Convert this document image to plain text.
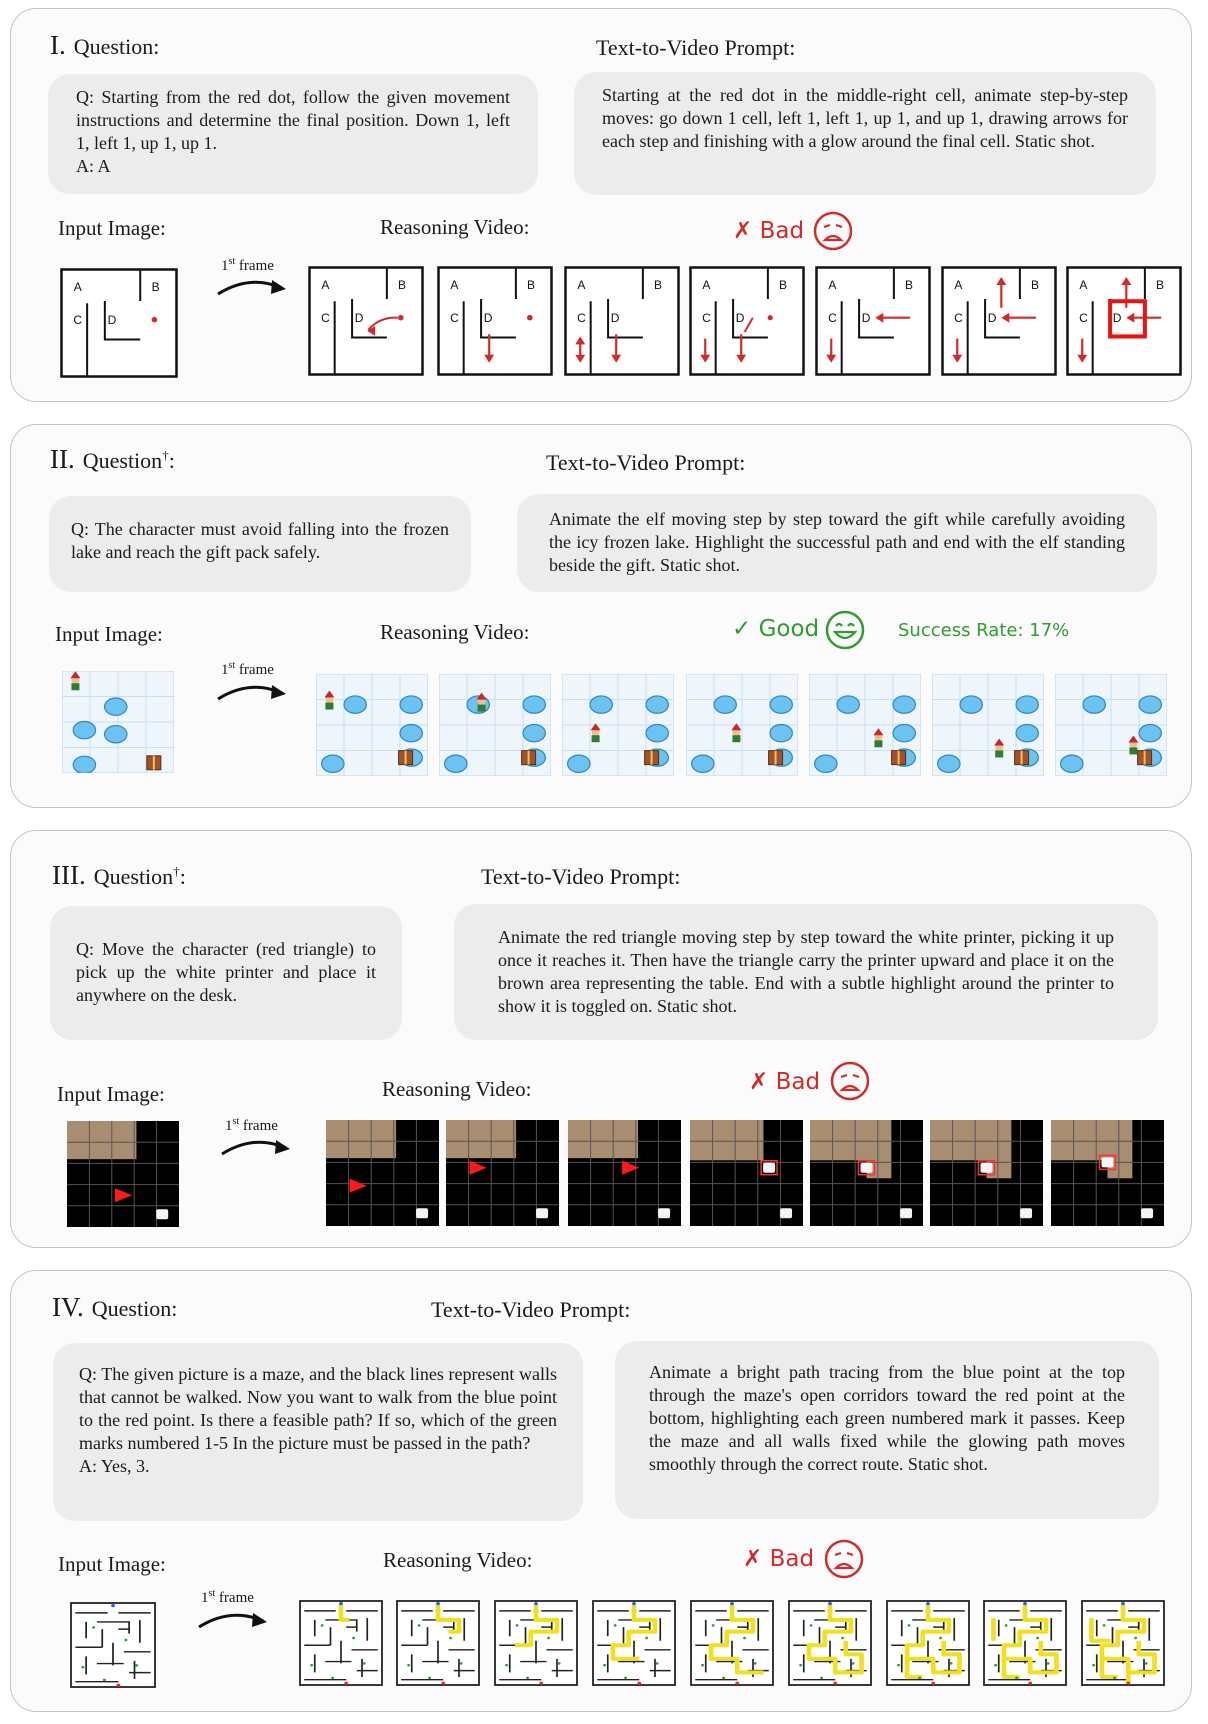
I. Question:	Text-to-Video Prompt:
Q: Starting from the red dot, follow the given movement instructions and determine the final position. Down 1, left 1, left 1, up 1, up 1.
A: A
Starting at the red dot in the middle-right cell, animate step-by-step moves: go down 1 cell, left 1, left 1, up 1, and up 1, drawing arrows for each step and finishing with a glow around the final cell. Static shot.
Input Image:	Reasoning Video:
1st frame
✗ Bad
A	B
C D
A	B
C D
A	B
C D
A	B
C D
A	B
C D
A	B
C D
A	B
C D
A	B
C D
II. Question†:	Text-to-Video Prompt:
Q: The character must avoid falling into the frozen lake and reach the gift pack safely.
Animate the elf moving step by step toward the gift while carefully avoiding the icy frozen lake. Highlight the successful path and end with the elf standing beside the gift. Static shot.
Input Image:	Reasoning Video:
1st frame
✓ Good	Success Rate: 17%
III. Question†:	Text-to-Video Prompt:
Q: Move the character (red triangle) to pick up the white printer and place it anywhere on the desk.
Animate the red triangle moving step by step toward the white printer, picking it up once it reaches it. Then have the triangle carry the printer upward and place it on the brown area representing the table. End with a subtle highlight around the printer to show it is toggled on. Static shot.
Input Image:	Reasoning Video:
1st frame
✗ Bad
IV. Question:	Text-to-Video Prompt:
Q: The given picture is a maze, and the black lines represent walls that cannot be walked. Now you want to walk from the blue point to the red point. Is there a feasible path? If so, which of the green marks numbered 1-5 In the picture must be passed in the path?
A: Yes, 3.
Animate a bright path tracing from the blue point at the top through the maze's open corridors toward the red point at the bottom, highlighting each green numbered mark it passes. Keep the maze and all walls fixed while the glowing path moves smoothly through the correct route. Static shot.
Input Image:	Reasoning Video:
1st frame
✗ Bad
